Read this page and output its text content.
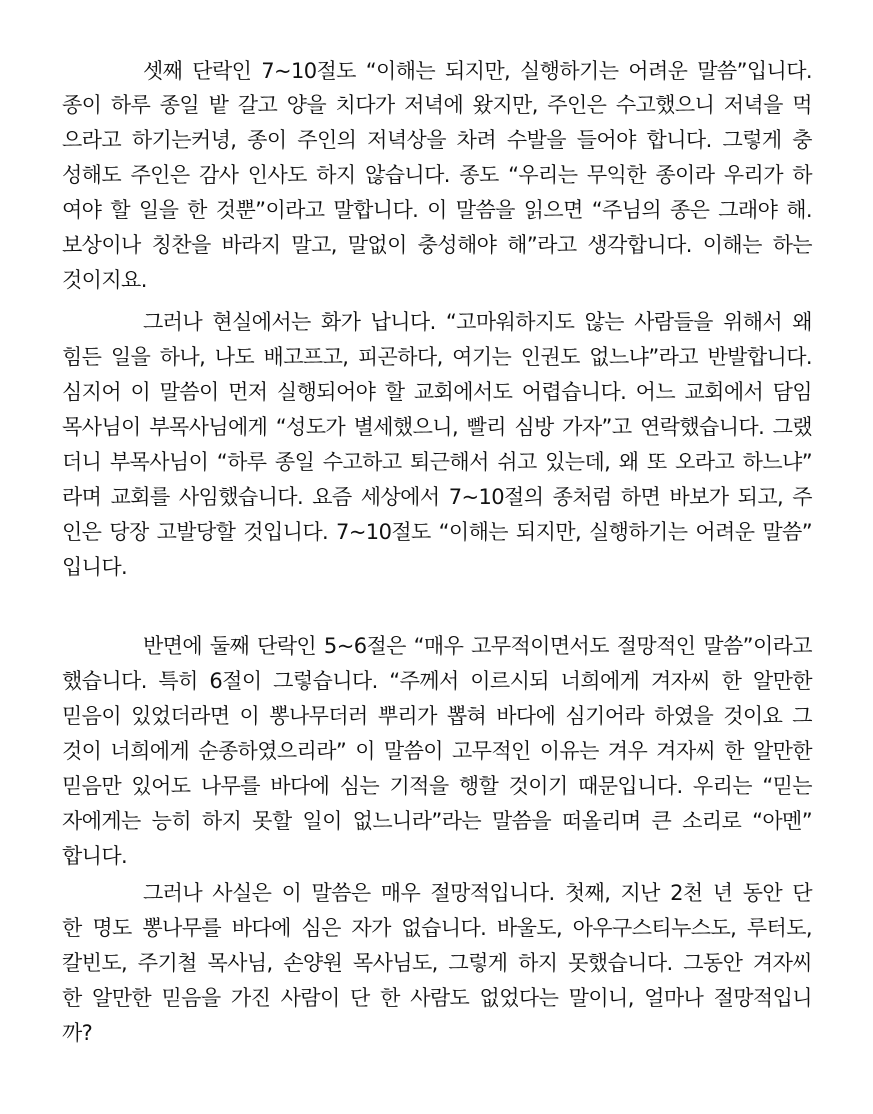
셋째 단락인 7~10절도 “이해는 되지만, 실행하기는 어려운 말씀”입니다.
종이 하루 종일 밭 갈고 양을 치다가 저녁에 왔지만, 주인은 수고했으니 저녁을 먹
으라고 하기는커녕, 종이 주인의 저녁상을 차려 수발을 들어야 합니다. 그렇게 충
성해도 주인은 감사 인사도 하지 않습니다. 종도 “우리는 무익한 종이라 우리가 하
여야 할 일을 한 것뿐”이라고 말합니다. 이 말씀을 읽으면 “주님의 종은 그래야 해.
보상이나 칭찬을 바라지 말고, 말없이 충성해야 해”라고 생각합니다. 이해는 하는
것이지요.
그러나 현실에서는 화가 납니다. “고마워하지도 않는 사람들을 위해서 왜
힘든 일을 하나, 나도 배고프고, 피곤하다, 여기는 인권도 없느냐”라고 반발합니다.
심지어 이 말씀이 먼저 실행되어야 할 교회에서도 어렵습니다. 어느 교회에서 담임
목사님이 부목사님에게 “성도가 별세했으니, 빨리 심방 가자”고 연락했습니다. 그랬
더니 부목사님이 “하루 종일 수고하고 퇴근해서 쉬고 있는데, 왜 또 오라고 하느냐”
라며 교회를 사임했습니다. 요즘 세상에서 7~10절의 종처럼 하면 바보가 되고, 주
인은 당장 고발당할 것입니다. 7~10절도 “이해는 되지만, 실행하기는 어려운 말씀”
입니다.
반면에 둘째 단락인 5~6절은 “매우 고무적이면서도 절망적인 말씀”이라고
했습니다. 특히 6절이 그렇습니다. “주께서 이르시되 너희에게 겨자씨 한 알만한
믿음이 있었더라면 이 뽕나무더러 뿌리가 뽑혀 바다에 심기어라 하였을 것이요 그
것이 너희에게 순종하였으리라” 이 말씀이 고무적인 이유는 겨우 겨자씨 한 알만한
믿음만 있어도 나무를 바다에 심는 기적을 행할 것이기 때문입니다. 우리는 “믿는
자에게는 능히 하지 못할 일이 없느니라”라는 말씀을 떠올리며 큰 소리로 “아멘”
합니다.
그러나 사실은 이 말씀은 매우 절망적입니다. 첫째, 지난 2천 년 동안 단
한 명도 뽕나무를 바다에 심은 자가 없습니다. 바울도, 아우구스티누스도, 루터도,
칼빈도, 주기철 목사님, 손양원 목사님도, 그렇게 하지 못했습니다. 그동안 겨자씨
한 알만한 믿음을 가진 사람이 단 한 사람도 없었다는 말이니, 얼마나 절망적입니
까?
